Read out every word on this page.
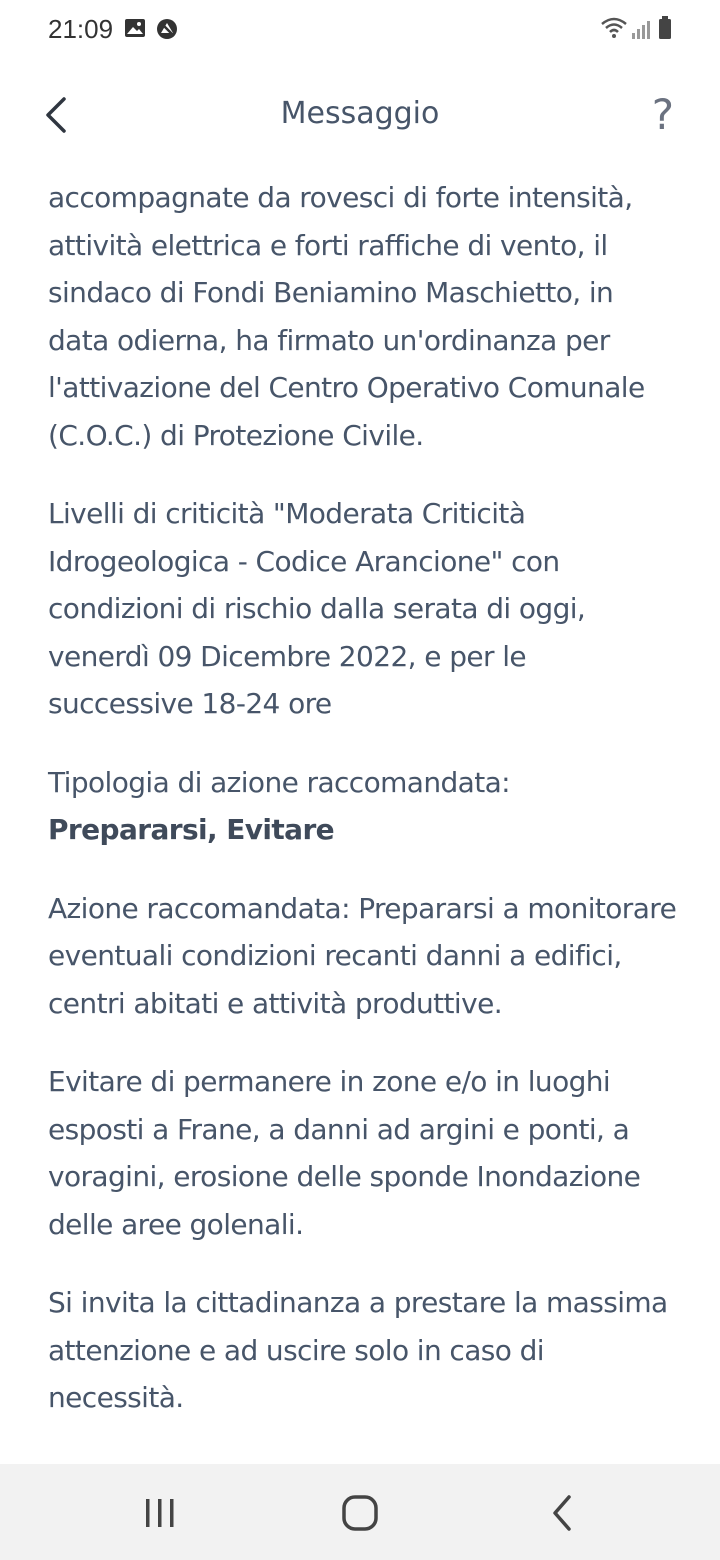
21:09
Messaggio	?

accompagnate da rovesci di forte intensità, attività elettrica e forti raffiche di vento, il sindaco di Fondi Beniamino Maschietto, in data odierna, ha firmato un'ordinanza per l'attivazione del Centro Operativo Comunale (C.O.C.) di Protezione Civile.

Livelli di criticità "Moderata Criticità Idrogeologica - Codice Arancione" con condizioni di rischio dalla serata di oggi, venerdì 09 Dicembre 2022, e per le successive 18-24 ore

Tipologia di azione raccomandata: Prepararsi, Evitare

Azione raccomandata: Prepararsi a monitorare eventuali condizioni recanti danni a edifici, centri abitati e attività produttive.

Evitare di permanere in zone e/o in luoghi esposti a Frane, a danni ad argini e ponti, a voragini, erosione delle sponde Inondazione delle aree golenali.

Si invita la cittadinanza a prestare la massima attenzione e ad uscire solo in caso di necessità.
